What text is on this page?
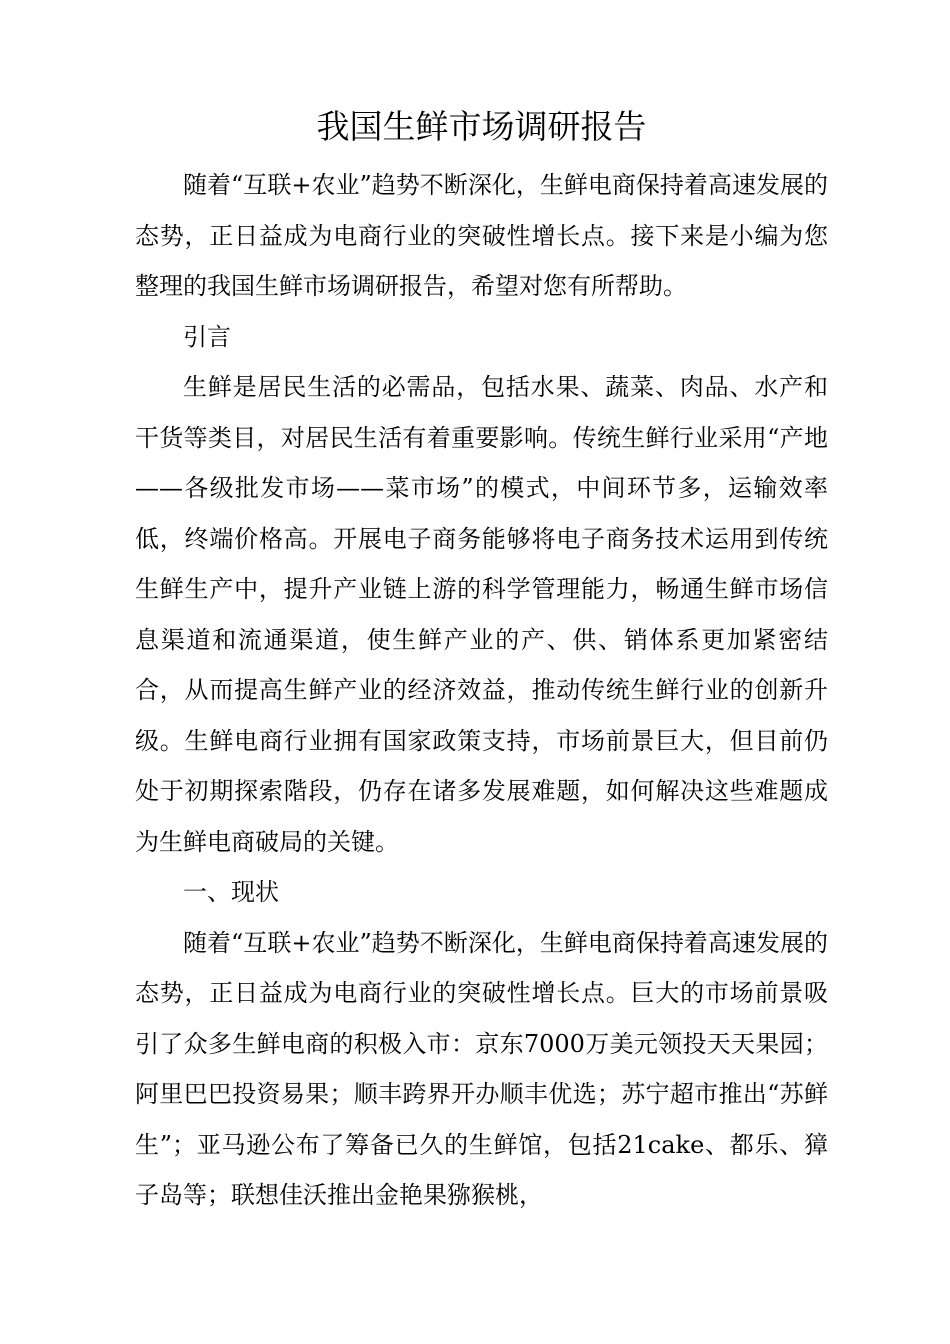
我国生鲜市场调研报告

随着“互联+农业”趋势不断深化，生鲜电商保持着高速发展的态势，正日益成为电商行业的突破性增长点。接下来是小编为您整理的我国生鲜市场调研报告，希望对您有所帮助。

引言

生鲜是居民生活的必需品，包括水果、蔬菜、肉品、水产和干货等类目，对居民生活有着重要影响。传统生鲜行业采用“产地——各级批发市场——菜市场”的模式，中间环节多，运输效率低，终端价格高。开展电子商务能够将电子商务技术运用到传统生鲜生产中，提升产业链上游的科学管理能力，畅通生鲜市场信息渠道和流通渠道，使生鲜产业的产、供、销体系更加紧密结合，从而提高生鲜产业的经济效益，推动传统生鲜行业的创新升级。生鲜电商行业拥有国家政策支持，市场前景巨大，但目前仍处于初期探索階段，仍存在诸多发展难题，如何解决这些难题成为生鲜电商破局的关键。

一、现状

随着“互联+农业”趋势不断深化，生鲜电商保持着高速发展的态势，正日益成为电商行业的突破性增长点。巨大的市场前景吸引了众多生鲜电商的积极入市：京东7000万美元领投天天果园；阿里巴巴投资易果；顺丰跨界开办顺丰优选；苏宁超市推出“苏鲜生”；亚马逊公布了筹备已久的生鲜馆，包括21cake、都乐、獐子岛等；联想佳沃推出金艳果猕猴桃，
